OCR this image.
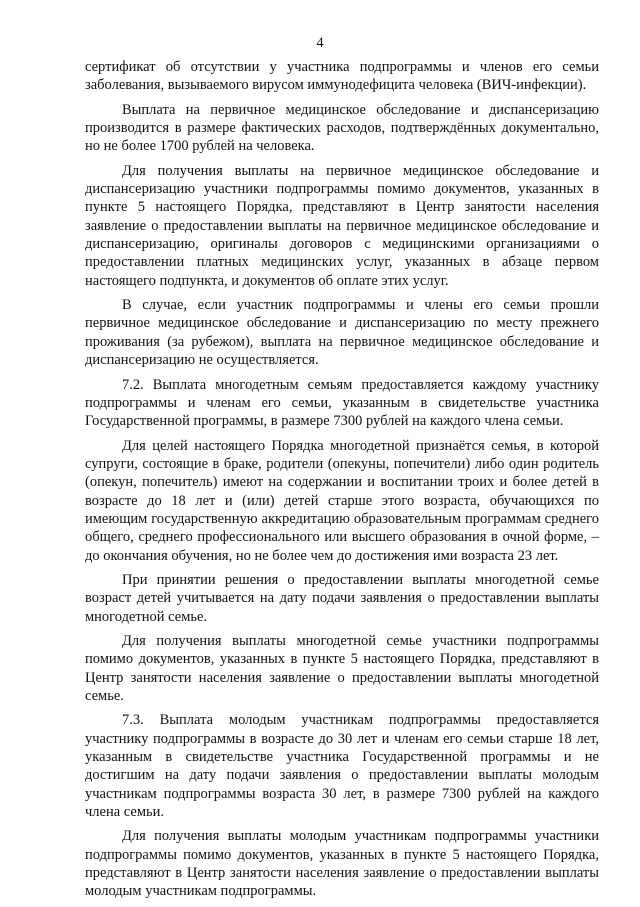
4

сертификат об отсутствии у участника подпрограммы и членов его семьи заболевания, вызываемого вирусом иммунодефицита человека (ВИЧ-инфекции).

Выплата на первичное медицинское обследование и диспансеризацию производится в размере фактических расходов, подтверждённых документально, но не более 1700 рублей на человека.

Для получения выплаты на первичное медицинское обследование и диспансеризацию участники подпрограммы помимо документов, указанных в пункте 5 настоящего Порядка, представляют в Центр занятости населения заявление о предоставлении выплаты на первичное медицинское обследование и диспансеризацию, оригиналы договоров с медицинскими организациями о предоставлении платных медицинских услуг, указанных в абзаце первом настоящего подпункта, и документов об оплате этих услуг.

В случае, если участник подпрограммы и члены его семьи прошли первичное медицинское обследование и диспансеризацию по месту прежнего проживания (за рубежом), выплата на первичное медицинское обследование и диспансеризацию не осуществляется.

7.2. Выплата многодетным семьям предоставляется каждому участнику подпрограммы и членам его семьи, указанным в свидетельстве участника Государственной программы, в размере 7300 рублей на каждого члена семьи.

Для целей настоящего Порядка многодетной признаётся семья, в которой супруги, состоящие в браке, родители (опекуны, попечители) либо один родитель (опекун, попечитель) имеют на содержании и воспитании троих и более детей в возрасте до 18 лет и (или) детей старше этого возраста, обучающихся по имеющим государственную аккредитацию образовательным программам среднего общего, среднего профессионального или высшего образования в очной форме, – до окончания обучения, но не более чем до достижения ими возраста 23 лет.

При принятии решения о предоставлении выплаты многодетной семье возраст детей учитывается на дату подачи заявления о предоставлении выплаты многодетной семье.

Для получения выплаты многодетной семье участники подпрограммы помимо документов, указанных в пункте 5 настоящего Порядка, представляют в Центр занятости населения заявление о предоставлении выплаты многодетной семье.

7.3. Выплата молодым участникам подпрограммы предоставляется участнику подпрограммы в возрасте до 30 лет и членам его семьи старше 18 лет, указанным в свидетельстве участника Государственной программы и не достигшим на дату подачи заявления о предоставлении выплаты молодым участникам подпрограммы возраста 30 лет, в размере 7300 рублей на каждого члена семьи.

Для получения выплаты молодым участникам подпрограммы участники подпрограммы помимо документов, указанных в пункте 5 настоящего Порядка, представляют в Центр занятости населения заявление о предоставлении выплаты молодым участникам подпрограммы.
